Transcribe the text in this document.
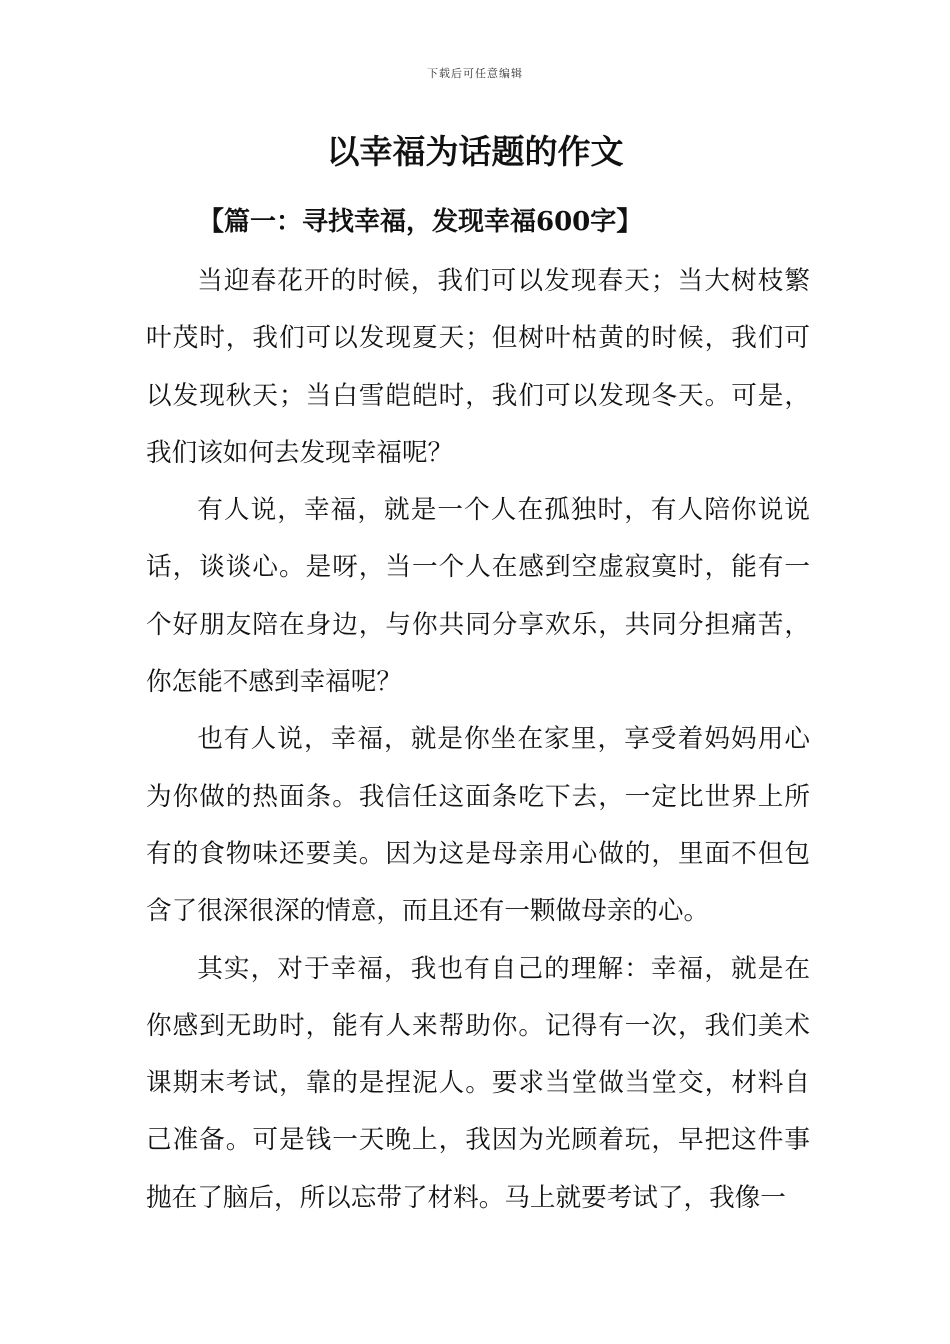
下载后可任意编辑
以幸福为话题的作文
【篇一：寻找幸福，发现幸福600字】

当迎春花开的时候，我们可以发现春天；当大树枝繁叶茂时，我们可以发现夏天；但树叶枯黄的时候，我们可以发现秋天；当白雪皑皑时，我们可以发现冬天。可是，我们该如何去发现幸福呢？

有人说，幸福，就是一个人在孤独时，有人陪你说说话，谈谈心。是呀，当一个人在感到空虚寂寞时，能有一个好朋友陪在身边，与你共同分享欢乐，共同分担痛苦，你怎能不感到幸福呢？

也有人说，幸福，就是你坐在家里，享受着妈妈用心为你做的热面条。我信任这面条吃下去，一定比世界上所有的食物味还要美。因为这是母亲用心做的，里面不但包含了很深很深的情意，而且还有一颗做母亲的心。

其实，对于幸福，我也有自己的理解：幸福，就是在你感到无助时，能有人来帮助你。记得有一次，我们美术课期末考试，靠的是捏泥人。要求当堂做当堂交，材料自己准备。可是钱一天晚上，我因为光顾着玩，早把这件事抛在了脑后，所以忘带了材料。马上就要考试了，我像一
